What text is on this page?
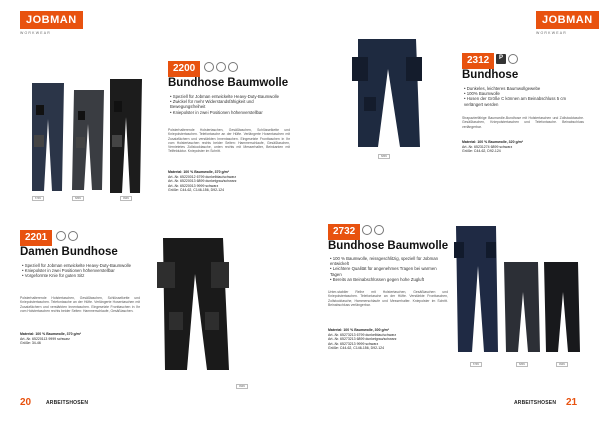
JOBMAN
WORKWEAR
6799	6899	9999
2200
Bundhose Baumwolle
• Speziell für Jobman entwickelte Heavy-Duty-Baumwolle
• Zwickel für mehr Widerstandsfähigkeit und Bewegungsfreiheit
• Kniepolster in zwei Positionen höhenverstellbar

Polsterhalterende Holstertaschen, Gesäßtaschen, Schlüsselkette und Kniepolstertaschen. Telefontasche an der Hüfte. Verlängerte Hosentaschen mit Zusatzfächern und verstärkten Innentaschen. Eingesetzte Fronttaschen in Ihr vom Holstertaschen rechts beider Seiten: Hammerschlaufe, Gesäßtaschen, Vernietetes Zollstocktasche, unten rechts mit Messerhalter, Beinkanten mit Teilfelduktur. Kniepolster im Schritt.

Material: 100 % Baumwolle, 370 g/m²
Art.-Nr. 65220012 6799 dunkelblau/schwarz
Art.-Nr. 65220013 6899 dunkelgrau/schwarz
Art.-Nr. 65220013 9999 schwarz
Größe: C44-62, C146-156, D92-124
2201
Damen Bundhose
• Speziell für Jobman entwickelte Heavy-Duty-Baumwolle
• Kniepolster in zwei Positionen höhenverstellbar
• Vorgeformte Knie für guten Sitz

Polsterhalterende Holstertaschen, Gesäßtaschen, Schlüsselkette und Kniepolstertaschen. Telefontasche an der Hüfte. Verlängerte Hosentaschen mit Zusatzfächern und verstärkten Innentaschen. Eingesetzte Fronttaschen in Ihr vom Holstertaschen rechts beider Seiten: Hammerschlaufe, Gesäßtaschen.

Material: 100 % Baumwolle, 370 g/m²
Art.-Nr. 65220113 9999 schwarz
Größe: 34-46
9999
20	ARBEITSHOSEN
JOBMAN
WORKWEAR
6899
2312	P
Bundhose
• Dunkeles, leichteres Baumwollgewebe
• 100% Baumwolle
• Hosen der Größe C können am Beinabschluss 5 cm verlängert werden

Strapazierfähige Baumwolle-Bundhose mit Holstertaschen und Zollstocktasche. Gesäßtaschen, Kniepolstertaschen und Telefontasche. Beinabschluss verlängerbar.

Material: 100 % Baumwolle, 320 g/m²
Art.-Nr. 65231274 6899 schwarz
Größe: C44-62, D92-124
2732
Bundhose Baumwolle
• 100 % Baumwolle, reissgeschlitzig, speziell für Jobman entwickelt
• Leichtere Qualität für angenehmes Tragen bei warmen Tagen
• Bereits an Beinabschlüssen gegen hohe Zugluft

Unter-stabiler Reihe mit Holstertaschen, Gesäßtaschen und Kniepolstertaschen. Telefontasche an der Hüfte. Verstärkte Fronttaschen, Zollstocktasche, Hammerschlaufe und Messerhalter. Kniepolster im Schritt. Beinabschluss verlängerbar.

Material: 100 % Baumwolle, 300 g/m²
Art.-Nr. 65273213 6799 dunkelblau/schwarz
Art.-Nr. 65273213 6899 dunkelgrau/schwarz
Art.-Nr. 65273213 9999 schwarz
Größe: C44-62, C146-156, D92-124
6799	6899	9999
ARBEITSHOSEN 21
